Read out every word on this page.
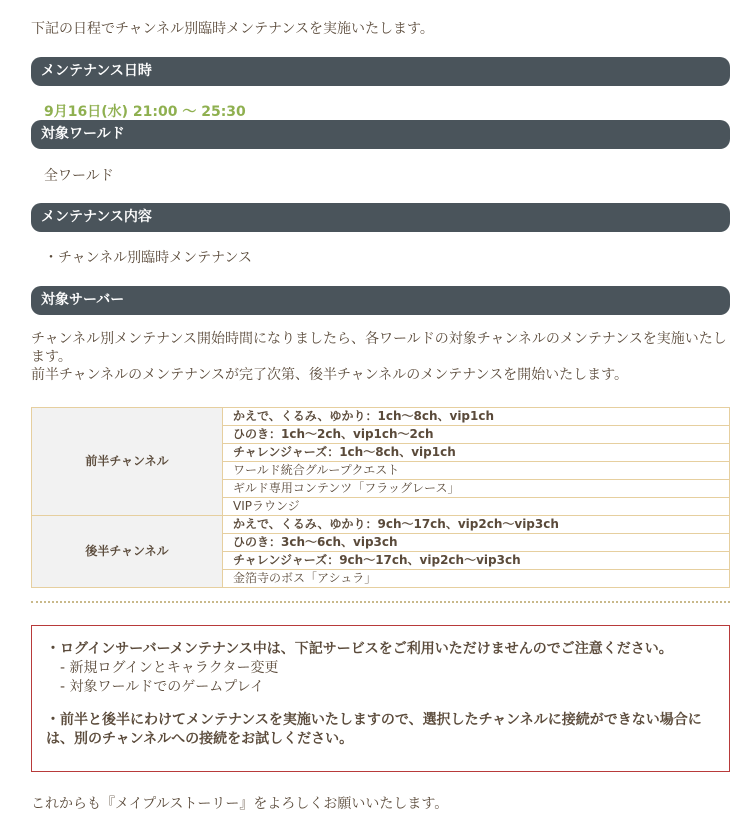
下記の日程でチャンネル別臨時メンテナンスを実施いたします。
メンテナンス日時
9月16日(水) 21:00 〜 25:30
対象ワールド
全ワールド
メンテナンス内容
・チャンネル別臨時メンテナンス
対象サーバー
チャンネル別メンテナンス開始時間になりましたら、各ワールドの対象チャンネルのメンテナンスを実施いたします。
前半チャンネルのメンテナンスが完了次第、後半チャンネルのメンテナンスを開始いたします。
前半チャンネル	かえで、くるみ、ゆかり：1ch〜8ch、vip1ch
	ひのき：1ch〜2ch、vip1ch〜2ch
	チャレンジャーズ：1ch〜8ch、vip1ch
	ワールド統合グループクエスト
	ギルド専用コンテンツ「フラッグレース」
	VIPラウンジ
後半チャンネル	かえで、くるみ、ゆかり：9ch〜17ch、vip2ch〜vip3ch
	ひのき：3ch〜6ch、vip3ch
	チャレンジャーズ：9ch〜17ch、vip2ch〜vip3ch
	金箔寺のボス「アシュラ」
・ログインサーバーメンテナンス中は、下記サービスをご利用いただけませんのでご注意ください。
- 新規ログインとキャラクター変更
- 対象ワールドでのゲームプレイ
・前半と後半にわけてメンテナンスを実施いたしますので、選択したチャンネルに接続ができない場合には、別のチャンネルへの接続をお試しください。
これからも『メイプルストーリー』をよろしくお願いいたします。
